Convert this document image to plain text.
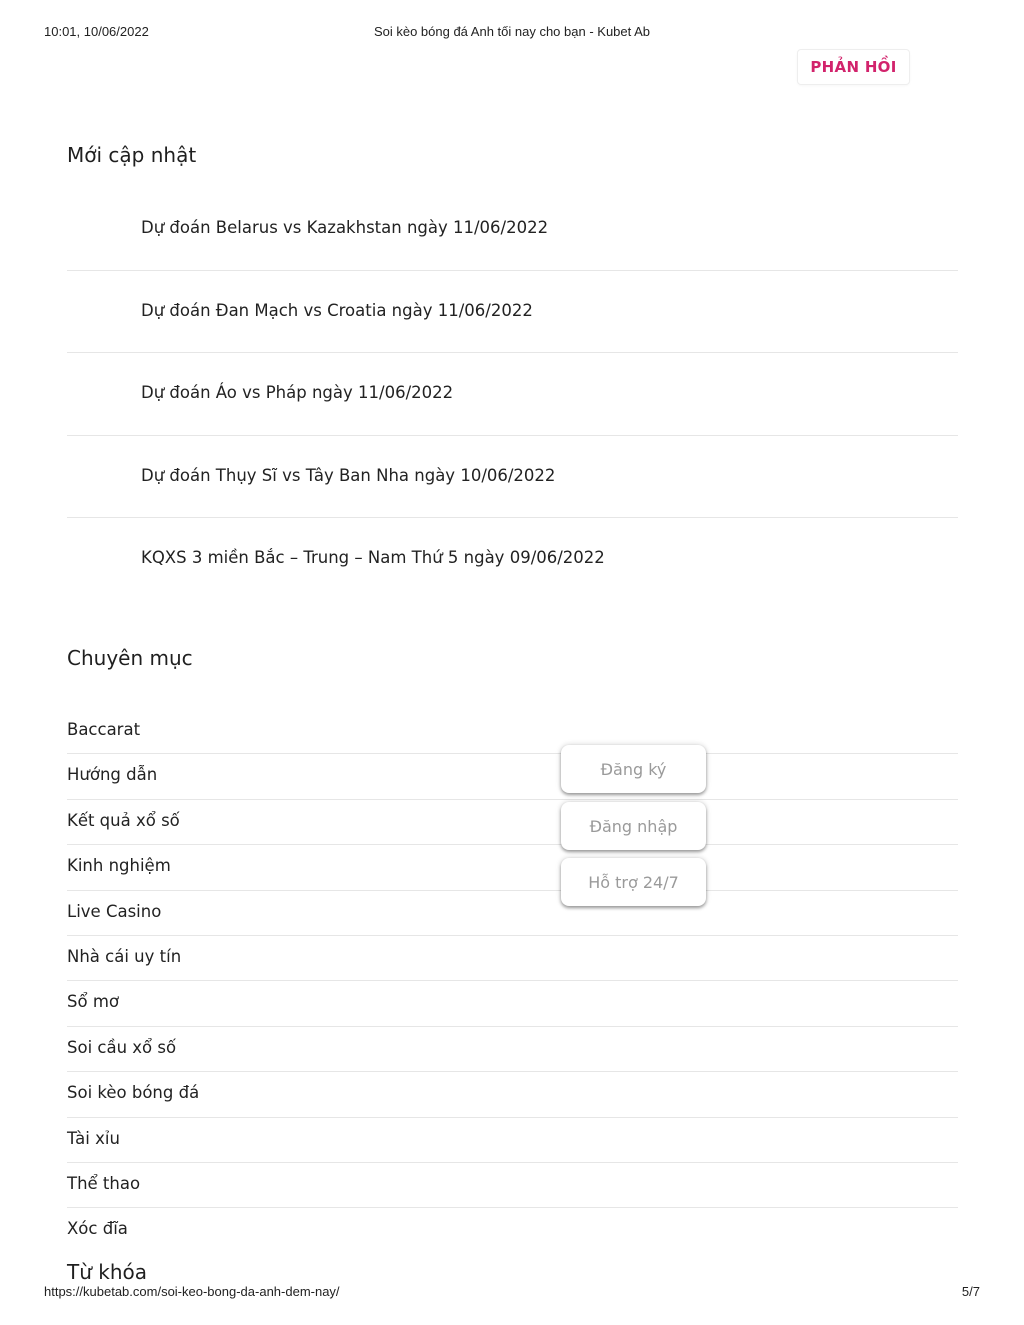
10:01, 10/06/2022	Soi kèo bóng đá Anh tối nay cho bạn - Kubet Ab
PHẢN HỒI
Mới cập nhật
Dự đoán Belarus vs Kazakhstan ngày 11/06/2022
Dự đoán Đan Mạch vs Croatia ngày 11/06/2022
Dự đoán Áo vs Pháp ngày 11/06/2022
Dự đoán Thụy Sĩ vs Tây Ban Nha ngày 10/06/2022
KQXS 3 miền Bắc – Trung – Nam Thứ 5 ngày 09/06/2022
Chuyên mục
Baccarat
Hướng dẫn
Kết quả xổ số
Kinh nghiệm
Live Casino
Nhà cái uy tín
Sổ mơ
Soi cầu xổ số
Soi kèo bóng đá
Tài xỉu
Thể thao
Xóc đĩa
Từ khóa
Đăng ký
Đăng nhập
Hỗ trợ 24/7
https://kubetab.com/soi-keo-bong-da-anh-dem-nay/	5/7
